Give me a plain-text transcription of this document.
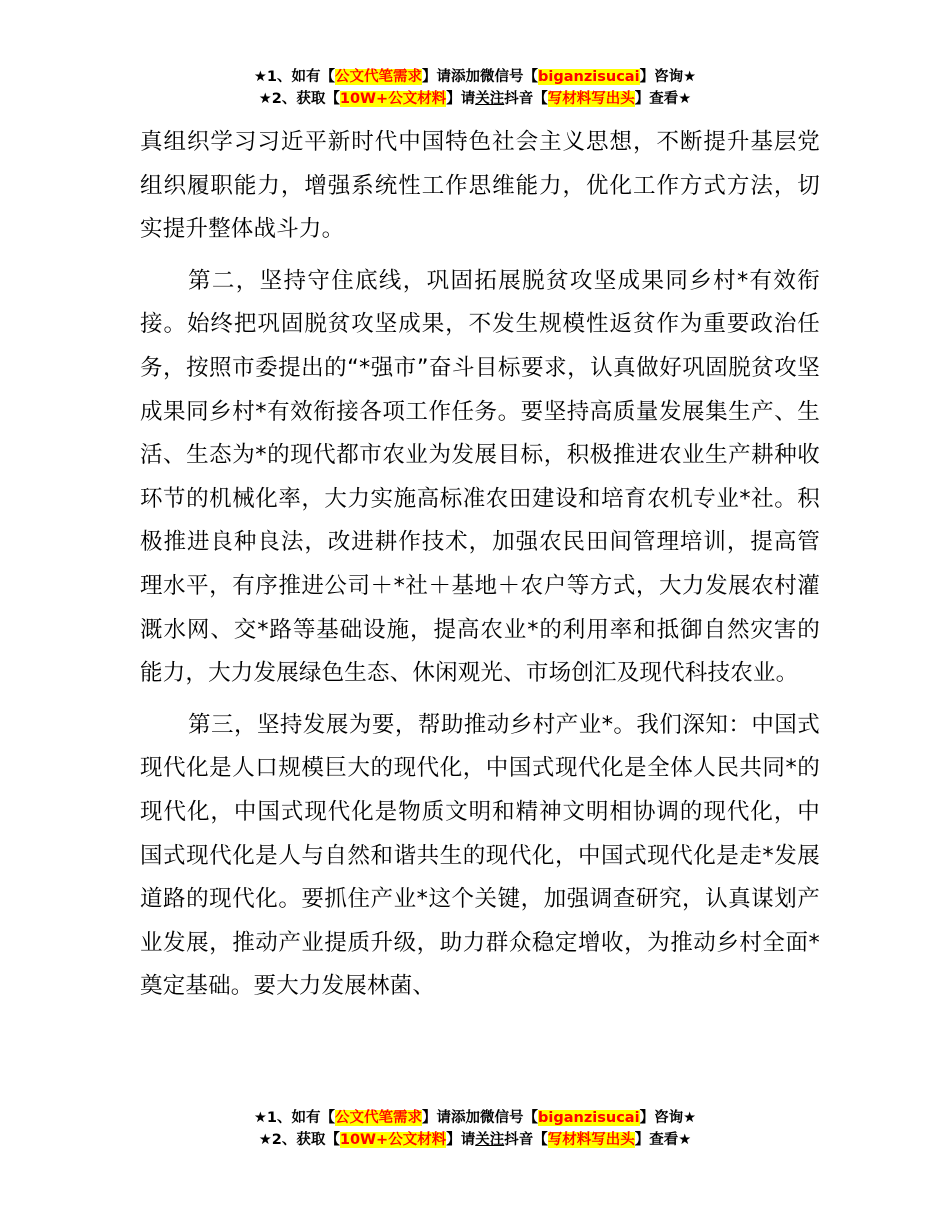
★1、如有【公文代笔需求】请添加微信号【biganzisucai】咨询★
★2、获取【10W+公文材料】请关注抖音【写材料写出头】查看★

真组织学习习近平新时代中国特色社会主义思想，不断提升基层党组织履职能力，增强系统性工作思维能力，优化工作方式方法，切实提升整体战斗力。

第二，坚持守住底线，巩固拓展脱贫攻坚成果同乡村*有效衔接。始终把巩固脱贫攻坚成果，不发生规模性返贫作为重要政治任务，按照市委提出的“*强市”奋斗目标要求，认真做好巩固脱贫攻坚成果同乡村*有效衔接各项工作任务。要坚持高质量发展集生产、生活、生态为*的现代都市农业为发展目标，积极推进农业生产耕种收环节的机械化率，大力实施高标准农田建设和培育农机专业*社。积极推进良种良法，改进耕作技术，加强农民田间管理培训，提高管理水平，有序推进公司＋*社＋基地＋农户等方式，大力发展农村灌溉水网、交*路等基础设施，提高农业*的利用率和抵御自然灾害的能力，大力发展绿色生态、休闲观光、市场创汇及现代科技农业。

第三，坚持发展为要，帮助推动乡村产业*。我们深知：中国式现代化是人口规模巨大的现代化，中国式现代化是全体人民共同*的现代化，中国式现代化是物质文明和精神文明相协调的现代化，中国式现代化是人与自然和谐共生的现代化，中国式现代化是走*发展道路的现代化。要抓住产业*这个关键，加强调查研究，认真谋划产业发展，推动产业提质升级，助力群众稳定增收，为推动乡村全面*奠定基础。要大力发展林菌、

★1、如有【公文代笔需求】请添加微信号【biganzisucai】咨询★
★2、获取【10W+公文材料】请关注抖音【写材料写出头】查看★
